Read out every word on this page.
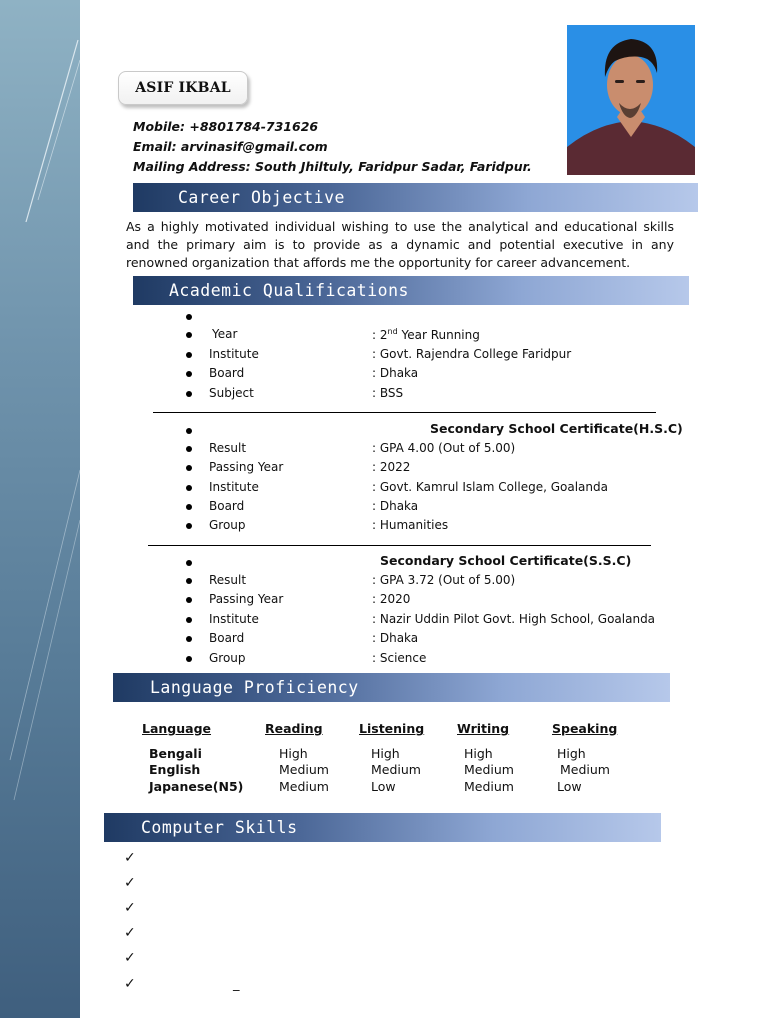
ASIF IKBAL
Mobile: +8801784-731626
Email: arvinasif@gmail.com
Mailing Address: South Jhiltuly, Faridpur Sadar, Faridpur.
Career Objective
As a highly motivated individual wishing to use the analytical and educational skills and the primary aim is to provide as a dynamic and potential executive in any renowned organization that affords me the opportunity for career advancement.
Academic Qualifications
Year	: 2nd Year Running
Institute	: Govt. Rajendra College Faridpur
Board	: Dhaka
Subject	: BSS
Secondary School Certificate(H.S.C)
Result	: GPA 4.00 (Out of 5.00)
Passing Year	: 2022
Institute	: Govt. Kamrul Islam College, Goalanda
Board	: Dhaka
Group	: Humanities
Secondary School Certificate(S.S.C)
Result	: GPA 3.72 (Out of 5.00)
Passing Year	: 2020
Institute	: Nazir Uddin Pilot Govt. High School, Goalanda
Board	: Dhaka
Group	: Science
Language Proficiency
Language	Reading	Listening	Writing	Speaking
Bengali	High	High	High	High
English	Medium	Medium	Medium	Medium
Japanese(N5)	Medium	Low	Medium	Low
Computer Skills
✓
✓
✓
✓
✓
✓	_
